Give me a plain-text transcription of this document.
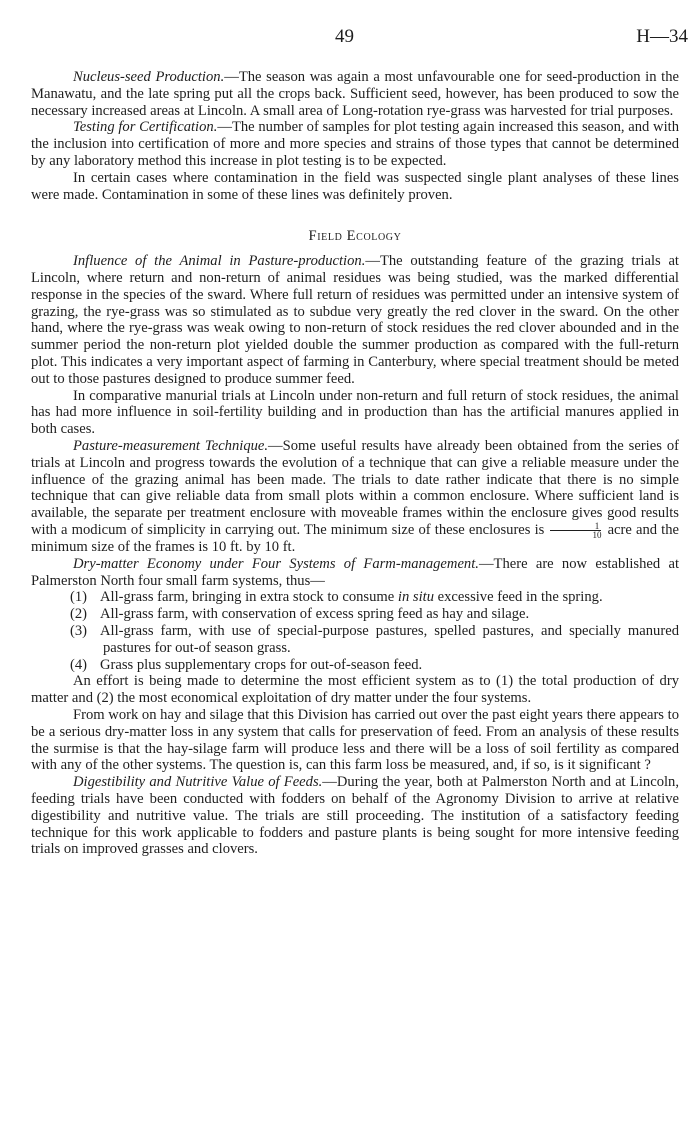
49	H—34

Nucleus-seed Production.—The season was again a most unfavourable one for seed-production in the Manawatu, and the late spring put all the crops back. Sufficient seed, however, has been produced to sow the necessary increased areas at Lincoln. A small area of Long-rotation rye-grass was harvested for trial purposes.

Testing for Certification.—The number of samples for plot testing again increased this season, and with the inclusion into certification of more and more species and strains of those types that cannot be determined by any laboratory method this increase in plot testing is to be expected.

In certain cases where contamination in the field was suspected single plant analyses of these lines were made. Contamination in some of these lines was definitely proven.

Field Ecology

Influence of the Animal in Pasture-production.—The outstanding feature of the grazing trials at Lincoln, where return and non-return of animal residues was being studied, was the marked differential response in the species of the sward. Where full return of residues was permitted under an intensive system of grazing, the rye-grass was so stimulated as to subdue very greatly the red clover in the sward. On the other hand, where the rye-grass was weak owing to non-return of stock residues the red clover abounded and in the summer period the non-return plot yielded double the summer production as compared with the full-return plot. This indicates a very important aspect of farming in Canterbury, where special treatment should be meted out to those pastures designed to produce summer feed.

In comparative manurial trials at Lincoln under non-return and full return of stock residues, the animal has had more influence in soil-fertility building and in production than has the artificial manures applied in both cases.

Pasture-measurement Technique.—Some useful results have already been obtained from the series of trials at Lincoln and progress towards the evolution of a technique that can give a reliable measure under the influence of the grazing animal has been made. The trials to date rather indicate that there is no simple technique that can give reliable data from small plots within a common enclosure. Where sufficient land is available, the separate per treatment enclosure with moveable frames within the enclosure gives good results with a modicum of simplicity in carrying out. The minimum size of these enclosures is $\frac{1}{10}$ acre and the minimum size of the frames is 10 ft. by 10 ft.

Dry-matter Economy under Four Systems of Farm-management.—There are now established at Palmerston North four small farm systems, thus—

(1) All-grass farm, bringing in extra stock to consume in situ excessive feed in the spring.
(2) All-grass farm, with conservation of excess spring feed as hay and silage.
(3) All-grass farm, with use of special-purpose pastures, spelled pastures, and specially manured pastures for out-of season grass.
(4) Grass plus supplementary crops for out-of-season feed.

An effort is being made to determine the most efficient system as to (1) the total production of dry matter and (2) the most economical exploitation of dry matter under the four systems.

From work on hay and silage that this Division has carried out over the past eight years there appears to be a serious dry-matter loss in any system that calls for preservation of feed. From an analysis of these results the surmise is that the hay-silage farm will produce less and there will be a loss of soil fertility as compared with any of the other systems. The question is, can this farm loss be measured, and, if so, is it significant ?

Digestibility and Nutritive Value of Feeds.—During the year, both at Palmerston North and at Lincoln, feeding trials have been conducted with fodders on behalf of the Agronomy Division to arrive at relative digestibility and nutritive value. The trials are still proceeding. The institution of a satisfactory feeding technique for this work applicable to fodders and pasture plants is being sought for more intensive feeding trials on improved grasses and clovers.
